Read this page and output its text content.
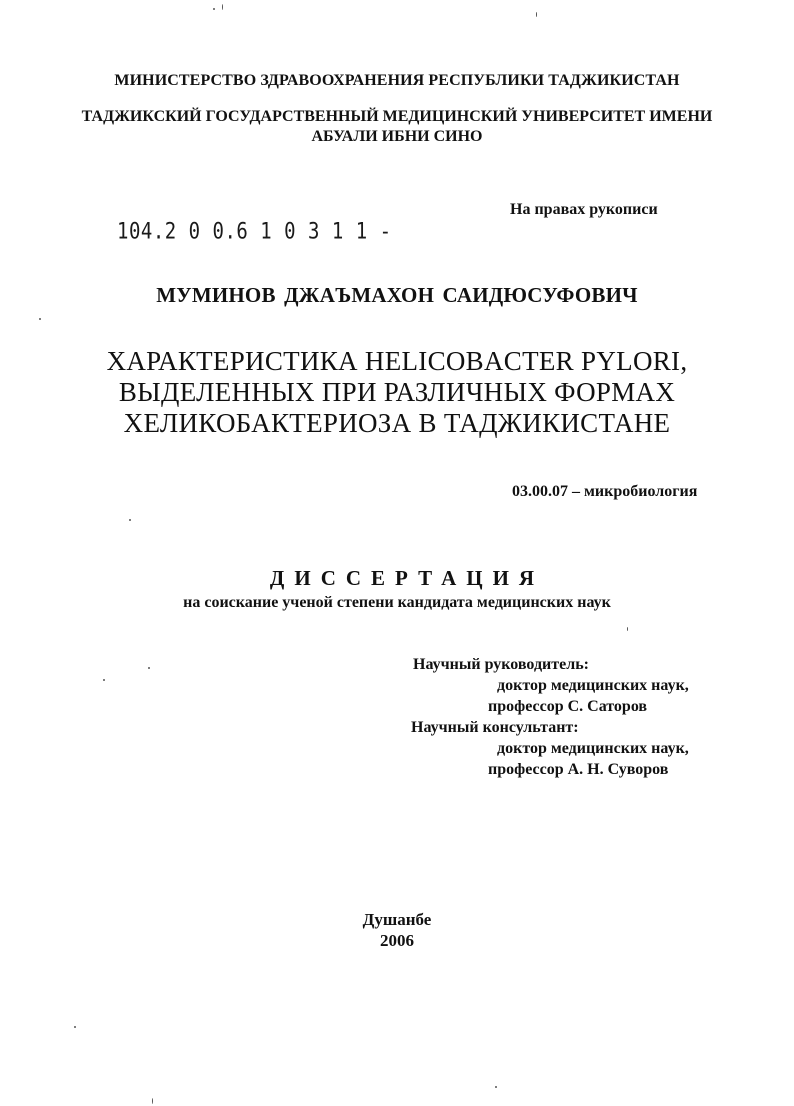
МИНИСТЕРСТВО ЗДРАВООХРАНЕНИЯ РЕСПУБЛИКИ ТАДЖИКИСТАН
ТАДЖИКСКИЙ ГОСУДАРСТВЕННЫЙ МЕДИЦИНСКИЙ УНИВЕРСИТЕТ ИМЕНИ
АБУАЛИ ИБНИ СИНО
На правах рукописи
104.2 0 0.6 1 0 3 1 1 -
МУМИНОВ ДЖАЪМАХОН САИДЮСУФОВИЧ
ХАРАКТЕРИСТИКА HELICOBACTER PYLORI,
ВЫДЕЛЕННЫХ ПРИ РАЗЛИЧНЫХ ФОРМАХ
ХЕЛИКОБАКТЕРИОЗА В ТАДЖИКИСТАНЕ
03.00.07 – микробиология
ДИССЕРТАЦИЯ
на соискание ученой степени кандидата медицинских наук
Научный руководитель:
доктор медицинских наук,
профессор С. Саторов
Научный консультант:
доктор медицинских наук,
профессор А. Н. Суворов
Душанбе
2006
